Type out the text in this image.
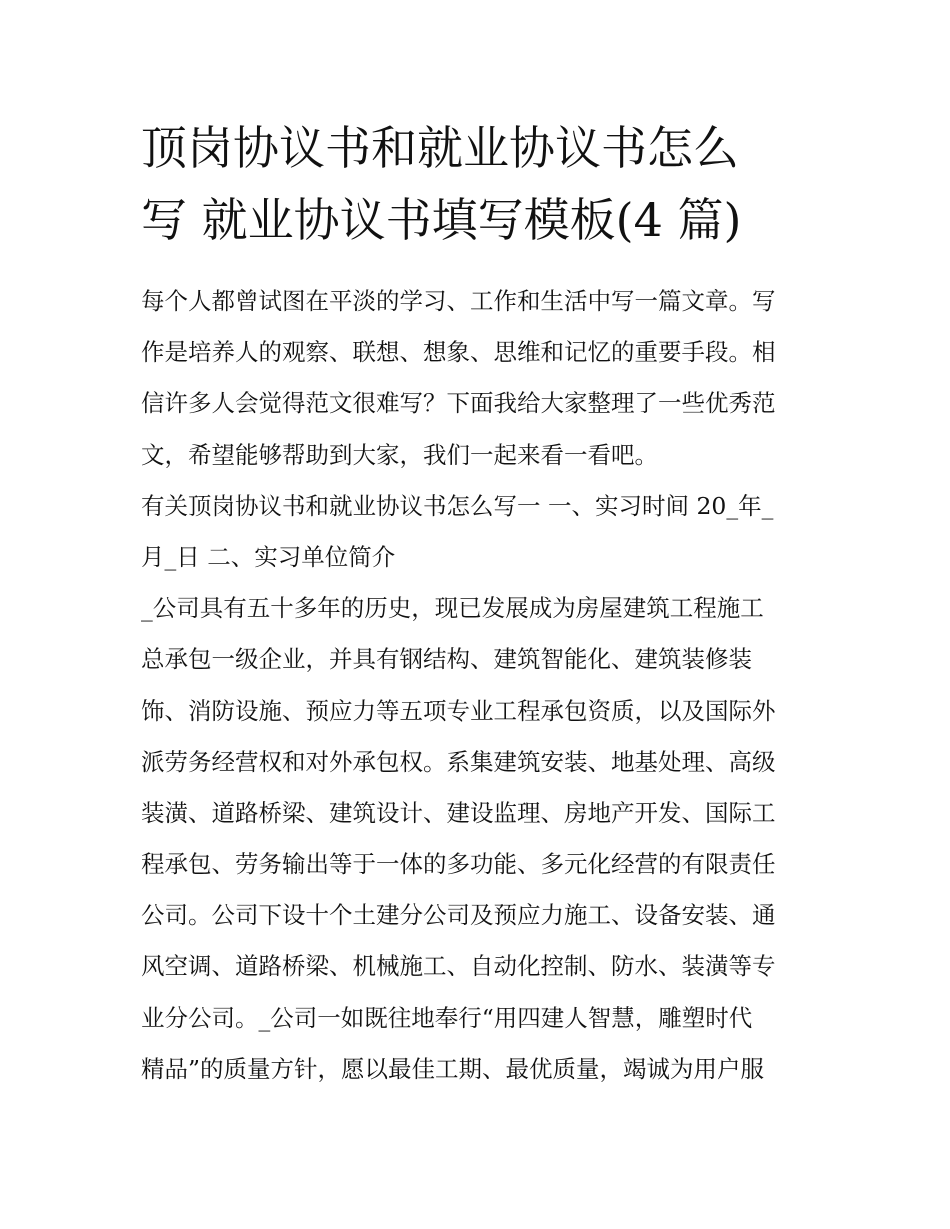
顶岗协议书和就业协议书怎么
写 就业协议书填写模板(4 篇)
每个人都曾试图在平淡的学习、工作和生活中写一篇文章。写
作是培养人的观察、联想、想象、思维和记忆的重要手段。相
信许多人会觉得范文很难写？下面我给大家整理了一些优秀范
文，希望能够帮助到大家，我们一起来看一看吧。
有关顶岗协议书和就业协议书怎么写一 一、实习时间 20_年_
月_日 二、实习单位简介
_公司具有五十多年的历史，现已发展成为房屋建筑工程施工
总承包一级企业，并具有钢结构、建筑智能化、建筑装修装
饰、消防设施、预应力等五项专业工程承包资质，以及国际外
派劳务经营权和对外承包权。系集建筑安装、地基处理、高级
装潢、道路桥梁、建筑设计、建设监理、房地产开发、国际工
程承包、劳务输出等于一体的多功能、多元化经营的有限责任
公司。公司下设十个土建分公司及预应力施工、设备安装、通
风空调、道路桥梁、机械施工、自动化控制、防水、装潢等专
业分公司。_公司一如既往地奉行“用四建人智慧，雕塑时代
精品”的质量方针，愿以最佳工期、最优质量，竭诚为用户服
